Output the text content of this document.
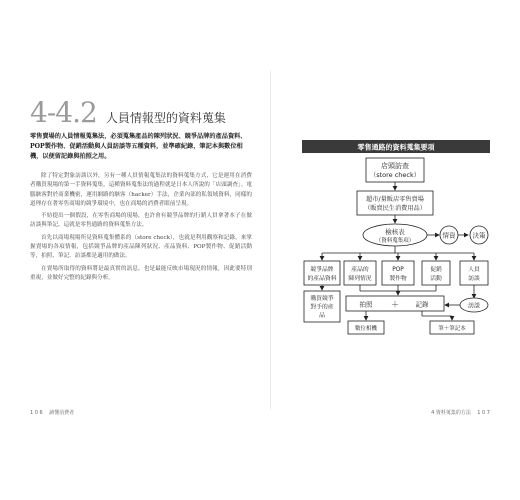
4-4.2 人員情報型的資料蒐集
零售賣場的人員情報蒐集法，必須蒐集產品的陳列狀況、競爭品牌的產品資料、POP製作物、促銷活動與人員訪談等五種資料，並準確紀錄，筆記本與數位相機，以便留記錄與拍照之用。

除了特定對象訪談以外，另有一種人員情報蒐集法的資料蒐集方式，它是運用在消費者購買現場的第一手資料蒐集，這種資料蒐集法的過程就是日本人所說的「店頭調查」。電腦駭客對於商業機密，運用網路的駭客（hacker）手法，企業內部的私領域資料，同樣的道理存在著零售商場的競爭環境中，也在商場的消費者眼前呈現。

不妨提出一個假設，在零售商場的現場，也許會有競爭品牌的行銷人員拿著本子在做訪談與筆記，這就是零售通路的資料蒐集方法。

首先以商場現場所見資料蒐集體系的（store check），也就是利用觀察和記錄，來掌握賣場的各項情報，包括競爭品牌的產品陳列狀況、產品資料、POP製作物、促銷活動等，拍照、筆記、訪談都是適用的做法。

在賣場所取得的資料將是最真實的訊息，也是最能反映市場現況的情報，因此要特別重視，並做好完整的紀錄與分析。

1 0 6 讀懂消費者
零售通路的資料蒐集要項
店頭訪查
（store check）
超市/量販店零售賣場
（販賣民生消費用品）
檢核表
（資料蒐集項）
情資	決策
競爭品牌
的產品資料
產品的
陳列情況
POP
製作物
促銷
活動
人員
訪談
購買競爭
對手的產
品
拍照 ＋	記錄	訪談
數位相機	筆＋筆記本
4 資料蒐集的方法 1 0 7
